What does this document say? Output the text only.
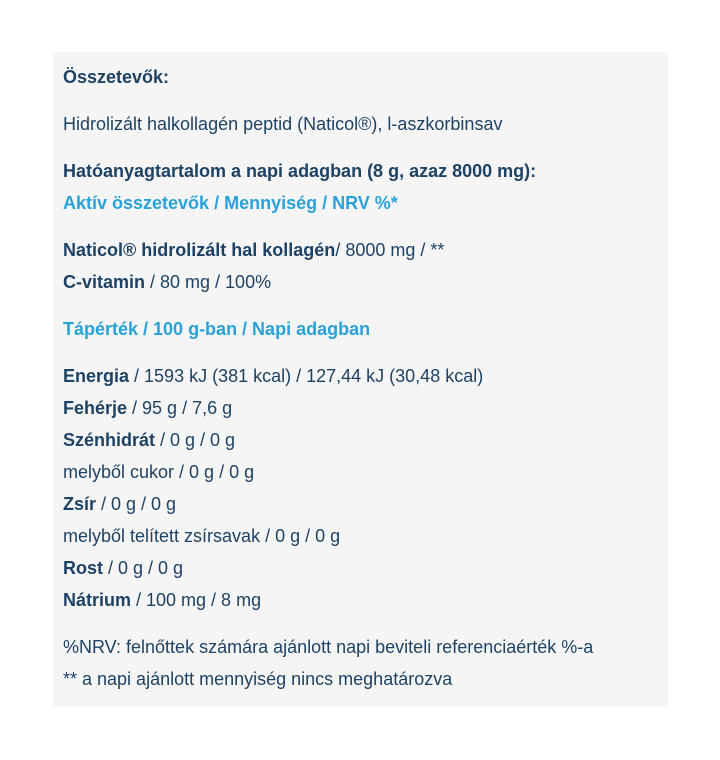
Összetevők:

Hidrolizált halkollagén peptid (Naticol®), l-aszkorbinsav

Hatóanyagtartalom a napi adagban (8 g, azaz 8000 mg):
Aktív összetevők / Mennyiség / NRV %*

Naticol® hidrolizált hal kollagén/ 8000 mg / **
C-vitamin / 80 mg / 100%

Tápérték / 100 g-ban / Napi adagban

Energia / 1593 kJ (381 kcal) / 127,44 kJ (30,48 kcal)
Fehérje / 95 g / 7,6 g
Szénhidrát / 0 g / 0 g
melyből cukor / 0 g / 0 g
Zsír / 0 g / 0 g
melyből telített zsírsavak / 0 g / 0 g
Rost / 0 g / 0 g
Nátrium / 100 mg / 8 mg

%NRV: felnőttek számára ajánlott napi beviteli referenciaérték %-a
** a napi ajánlott mennyiség nincs meghatározva
